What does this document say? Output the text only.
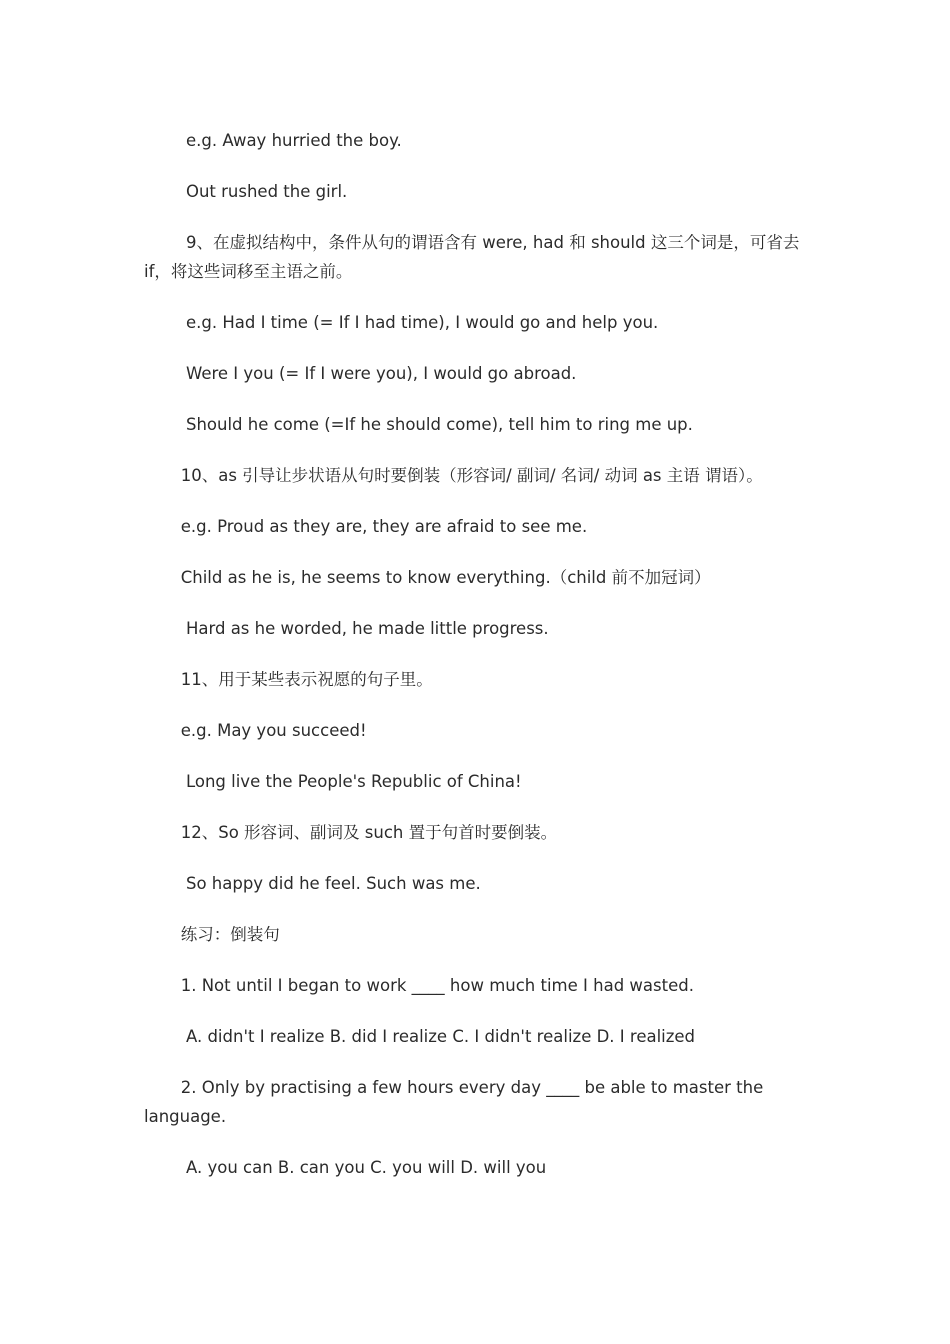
e.g. Away hurried the boy.

Out rushed the girl.

9、在虚拟结构中，条件从句的谓语含有 were, had 和 should 这三个词是，可省去 if，将这些词移至主语之前。

e.g. Had I time (= If I had time), I would go and help you.

Were I you (= If I were you), I would go abroad.

Should he come (=If he should come), tell him to ring me up.

10、as 引导让步状语从句时要倒装（形容词/ 副词/ 名词/ 动词 as 主语 谓语）。

e.g. Proud as they are, they are afraid to see me.

Child as he is, he seems to know everything.（child 前不加冠词）

Hard as he worded, he made little progress.

11、用于某些表示祝愿的句子里。

e.g. May you succeed!

Long live the People's Republic of China!

12、So 形容词、副词及 such 置于句首时要倒装。

So happy did he feel. Such was me.

练习：倒装句

1. Not until I began to work ____ how much time I had wasted.

A. didn't I realize B. did I realize C. I didn't realize D. I realized

2. Only by practising a few hours every day ____ be able to master the language.

A. you can B. can you C. you will D. will you
